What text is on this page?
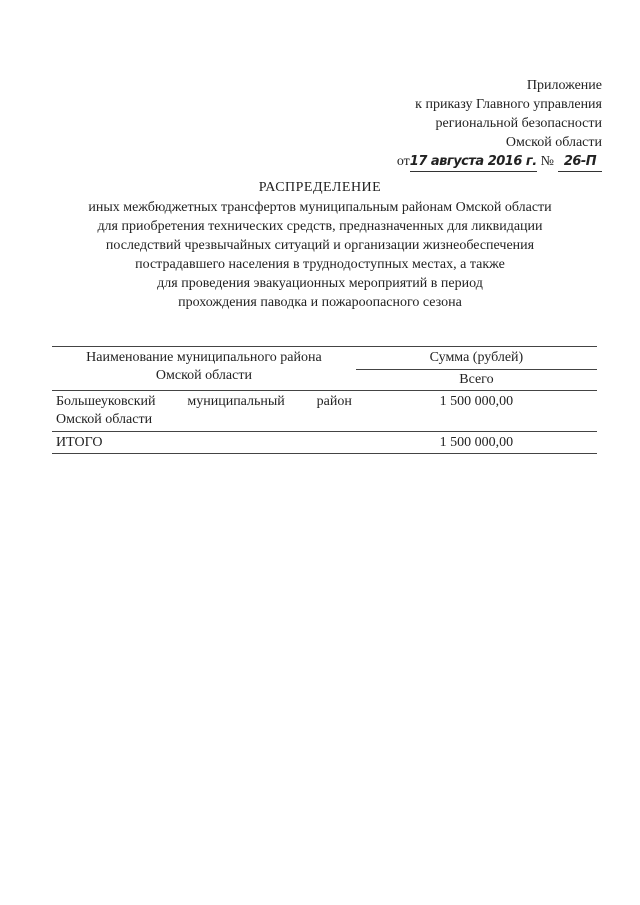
Приложение
к приказу Главного управления
региональной безопасности
Омской области
от 17 августа 2016 г. № 26-П
РАСПРЕДЕЛЕНИЕ
иных межбюджетных трансфертов муниципальным районам Омской области
для приобретения технических средств, предназначенных для ликвидации
последствий чрезвычайных ситуаций и организации жизнеобеспечения
пострадавшего населения в труднодоступных местах, а также
для проведения эвакуационных мероприятий в период
прохождения паводка и пожароопасного сезона
Наименование муниципального района
Омской области	Сумма (рублей)
	Всего

Большеуковский муниципальный район
Омской области	1 500 000,00
ИТОГО	1 500 000,00
